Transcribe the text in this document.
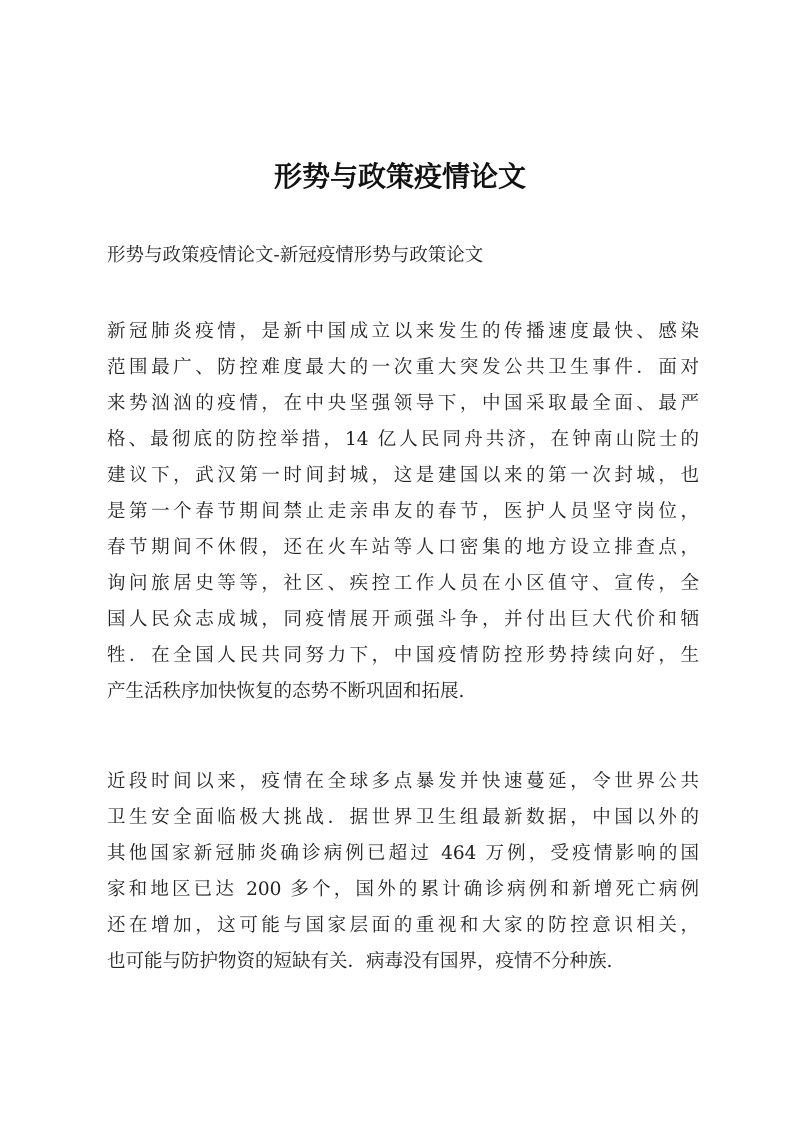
形势与政策疫情论文

形势与政策疫情论文-新冠疫情形势与政策论文

新冠肺炎疫情，是新中国成立以来发生的传播速度最快、感染
范围最广、防控难度最大的一次重大突发公共卫生事件．面对
来势汹汹的疫情，在中央坚强领导下，中国采取最全面、最严
格、最彻底的防控举措，14 亿人民同舟共济，在钟南山院士的
建议下，武汉第一时间封城，这是建国以来的第一次封城，也
是第一个春节期间禁止走亲串友的春节，医护人员坚守岗位，
春节期间不休假，还在火车站等人口密集的地方设立排查点，
询问旅居史等等，社区、疾控工作人员在小区值守、宣传，全
国人民众志成城，同疫情展开顽强斗争，并付出巨大代价和牺
牲．在全国人民共同努力下，中国疫情防控形势持续向好，生
产生活秩序加快恢复的态势不断巩固和拓展.
近段时间以来，疫情在全球多点暴发并快速蔓延，令世界公共
卫生安全面临极大挑战．据世界卫生组最新数据，中国以外的
其他国家新冠肺炎确诊病例已超过 464 万例，受疫情影响的国
家和地区已达 200 多个，国外的累计确诊病例和新增死亡病例
还在增加，这可能与国家层面的重视和大家的防控意识相关，
也可能与防护物资的短缺有关．病毒没有国界，疫情不分种族.
